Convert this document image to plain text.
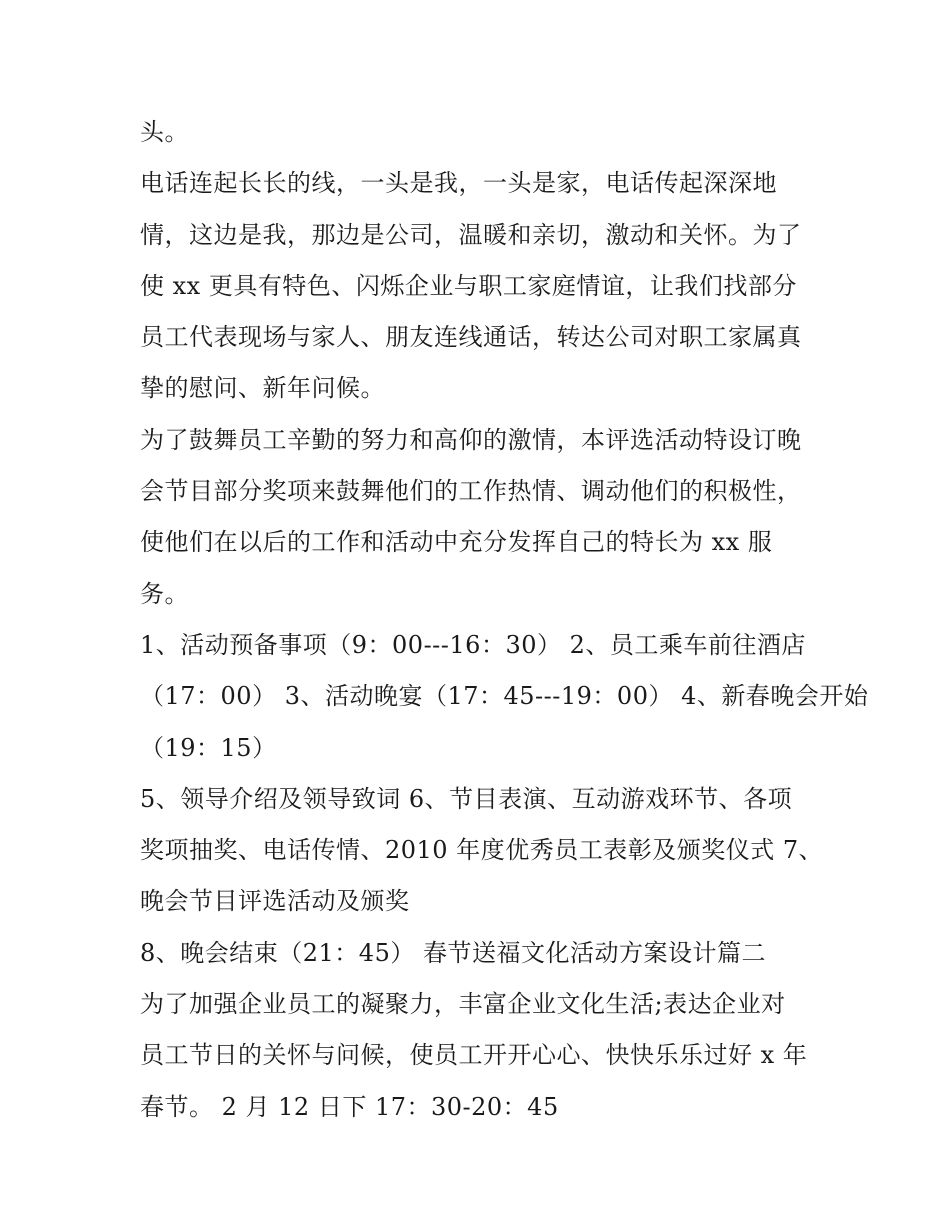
头。
电话连起长长的线，一头是我，一头是家，电话传起深深地
情，这边是我，那边是公司，温暖和亲切，激动和关怀。为了
使 xx 更具有特色、闪烁企业与职工家庭情谊，让我们找部分
员工代表现场与家人、朋友连线通话，转达公司对职工家属真
挚的慰问、新年问候。
为了鼓舞员工辛勤的努力和高仰的激情，本评选活动特设订晚
会节目部分奖项来鼓舞他们的工作热情、调动他们的积极性，
使他们在以后的工作和活动中充分发挥自己的特长为 xx 服
务。
1、活动预备事项（9：00---16：30） 2、员工乘车前往酒店
（17：00） 3、活动晚宴（17：45---19：00） 4、新春晚会开始
（19：15）
5、领导介绍及领导致词 6、节目表演、互动游戏环节、各项
奖项抽奖、电话传情、2010 年度优秀员工表彰及颁奖仪式 7、
晚会节目评选活动及颁奖
8、晚会结束（21：45） 春节送福文化活动方案设计篇二
为了加强企业员工的凝聚力，丰富企业文化生活;表达企业对
员工节日的关怀与问候，使员工开开心心、快快乐乐过好 x 年
春节。 2 月 12 日下 17：30-20：45
